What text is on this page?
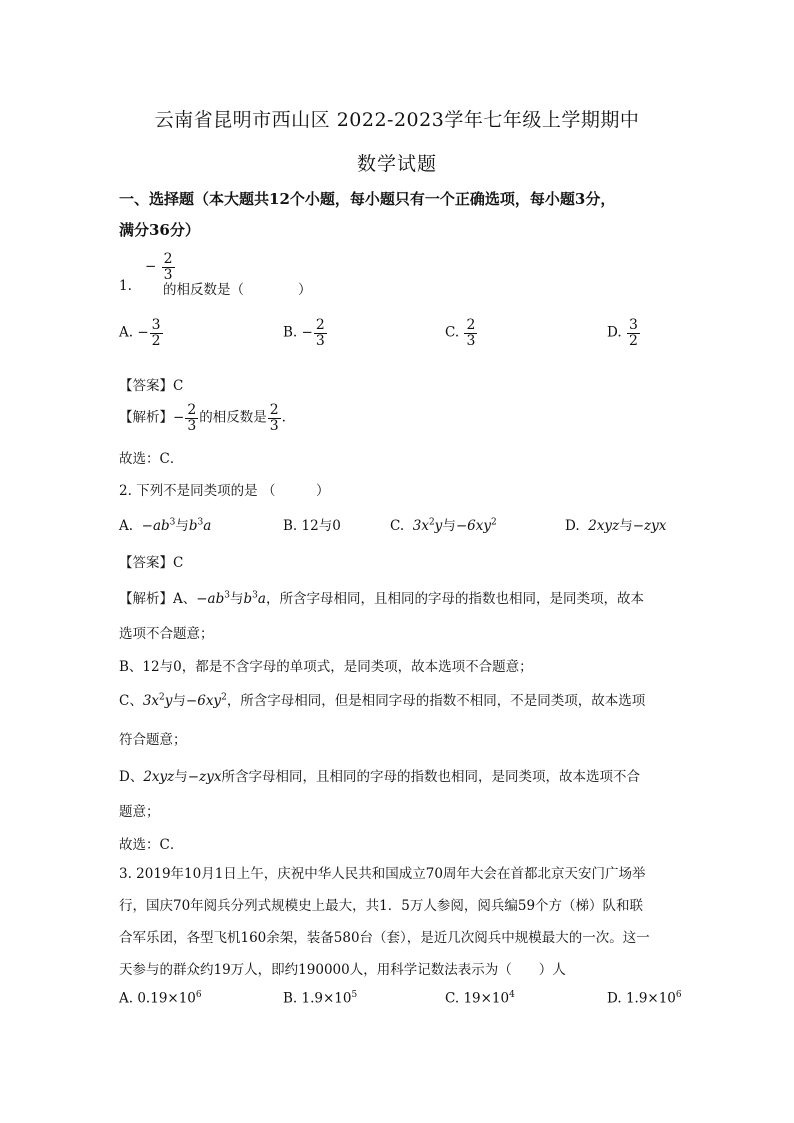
云南省昆明市西山区 2022-2023学年七年级上学期期中
数学试题
一、选择题（本大题共12个小题，每小题只有一个正确选项，每小题3分，
满分36分）
− $\frac{2}{3}$
1. 的相反数是（　　　　）
A. − $\frac{3}{2}$	B. − $\frac{2}{3}$	C. $\frac{2}{3}$	D. $\frac{3}{2}$
【答案】C
【解析】− $\frac{2}{3}$ 的相反数是 $\frac{2}{3}$ .
故选：C．
2. 下列不是同类项的是 （　　　）
A. $-ab^3$与$b^3a$	B. 12与0	C. $3x^2y$与$-6xy^2$	D. 2xyz与−zyx
【答案】C
【解析】A、$-ab^3$与$b^3a$，所含字母相同，且相同的字母的指数也相同，是同类项，故本
选项不合题意；
B、12与0，都是不含字母的单项式，是同类项，故本选项不合题意；
C、$3x^2y$与$-6xy^2$，所含字母相同，但是相同字母的指数不相同，不是同类项，故本选项
符合题意；
D、2xyz与−zyx所含字母相同，且相同的字母的指数也相同，是同类项，故本选项不合
题意；
故选：C．
3. 2019年10月1日上午，庆祝中华人民共和国成立70周年大会在首都北京天安门广场举
行，国庆70年阅兵分列式规模史上最大，共1．5万人参阅，阅兵编59个方（梯）队和联
合军乐团，各型飞机160余架，装备580台（套），是近几次阅兵中规模最大的一次。这一
天参与的群众约19万人，即约190000人，用科学记数法表示为（　　）人
A. $0.19\times 10^6$	B. $1.9\times 10^5$	C. $19\times 10^4$	D. $1.9\times 10^6$
